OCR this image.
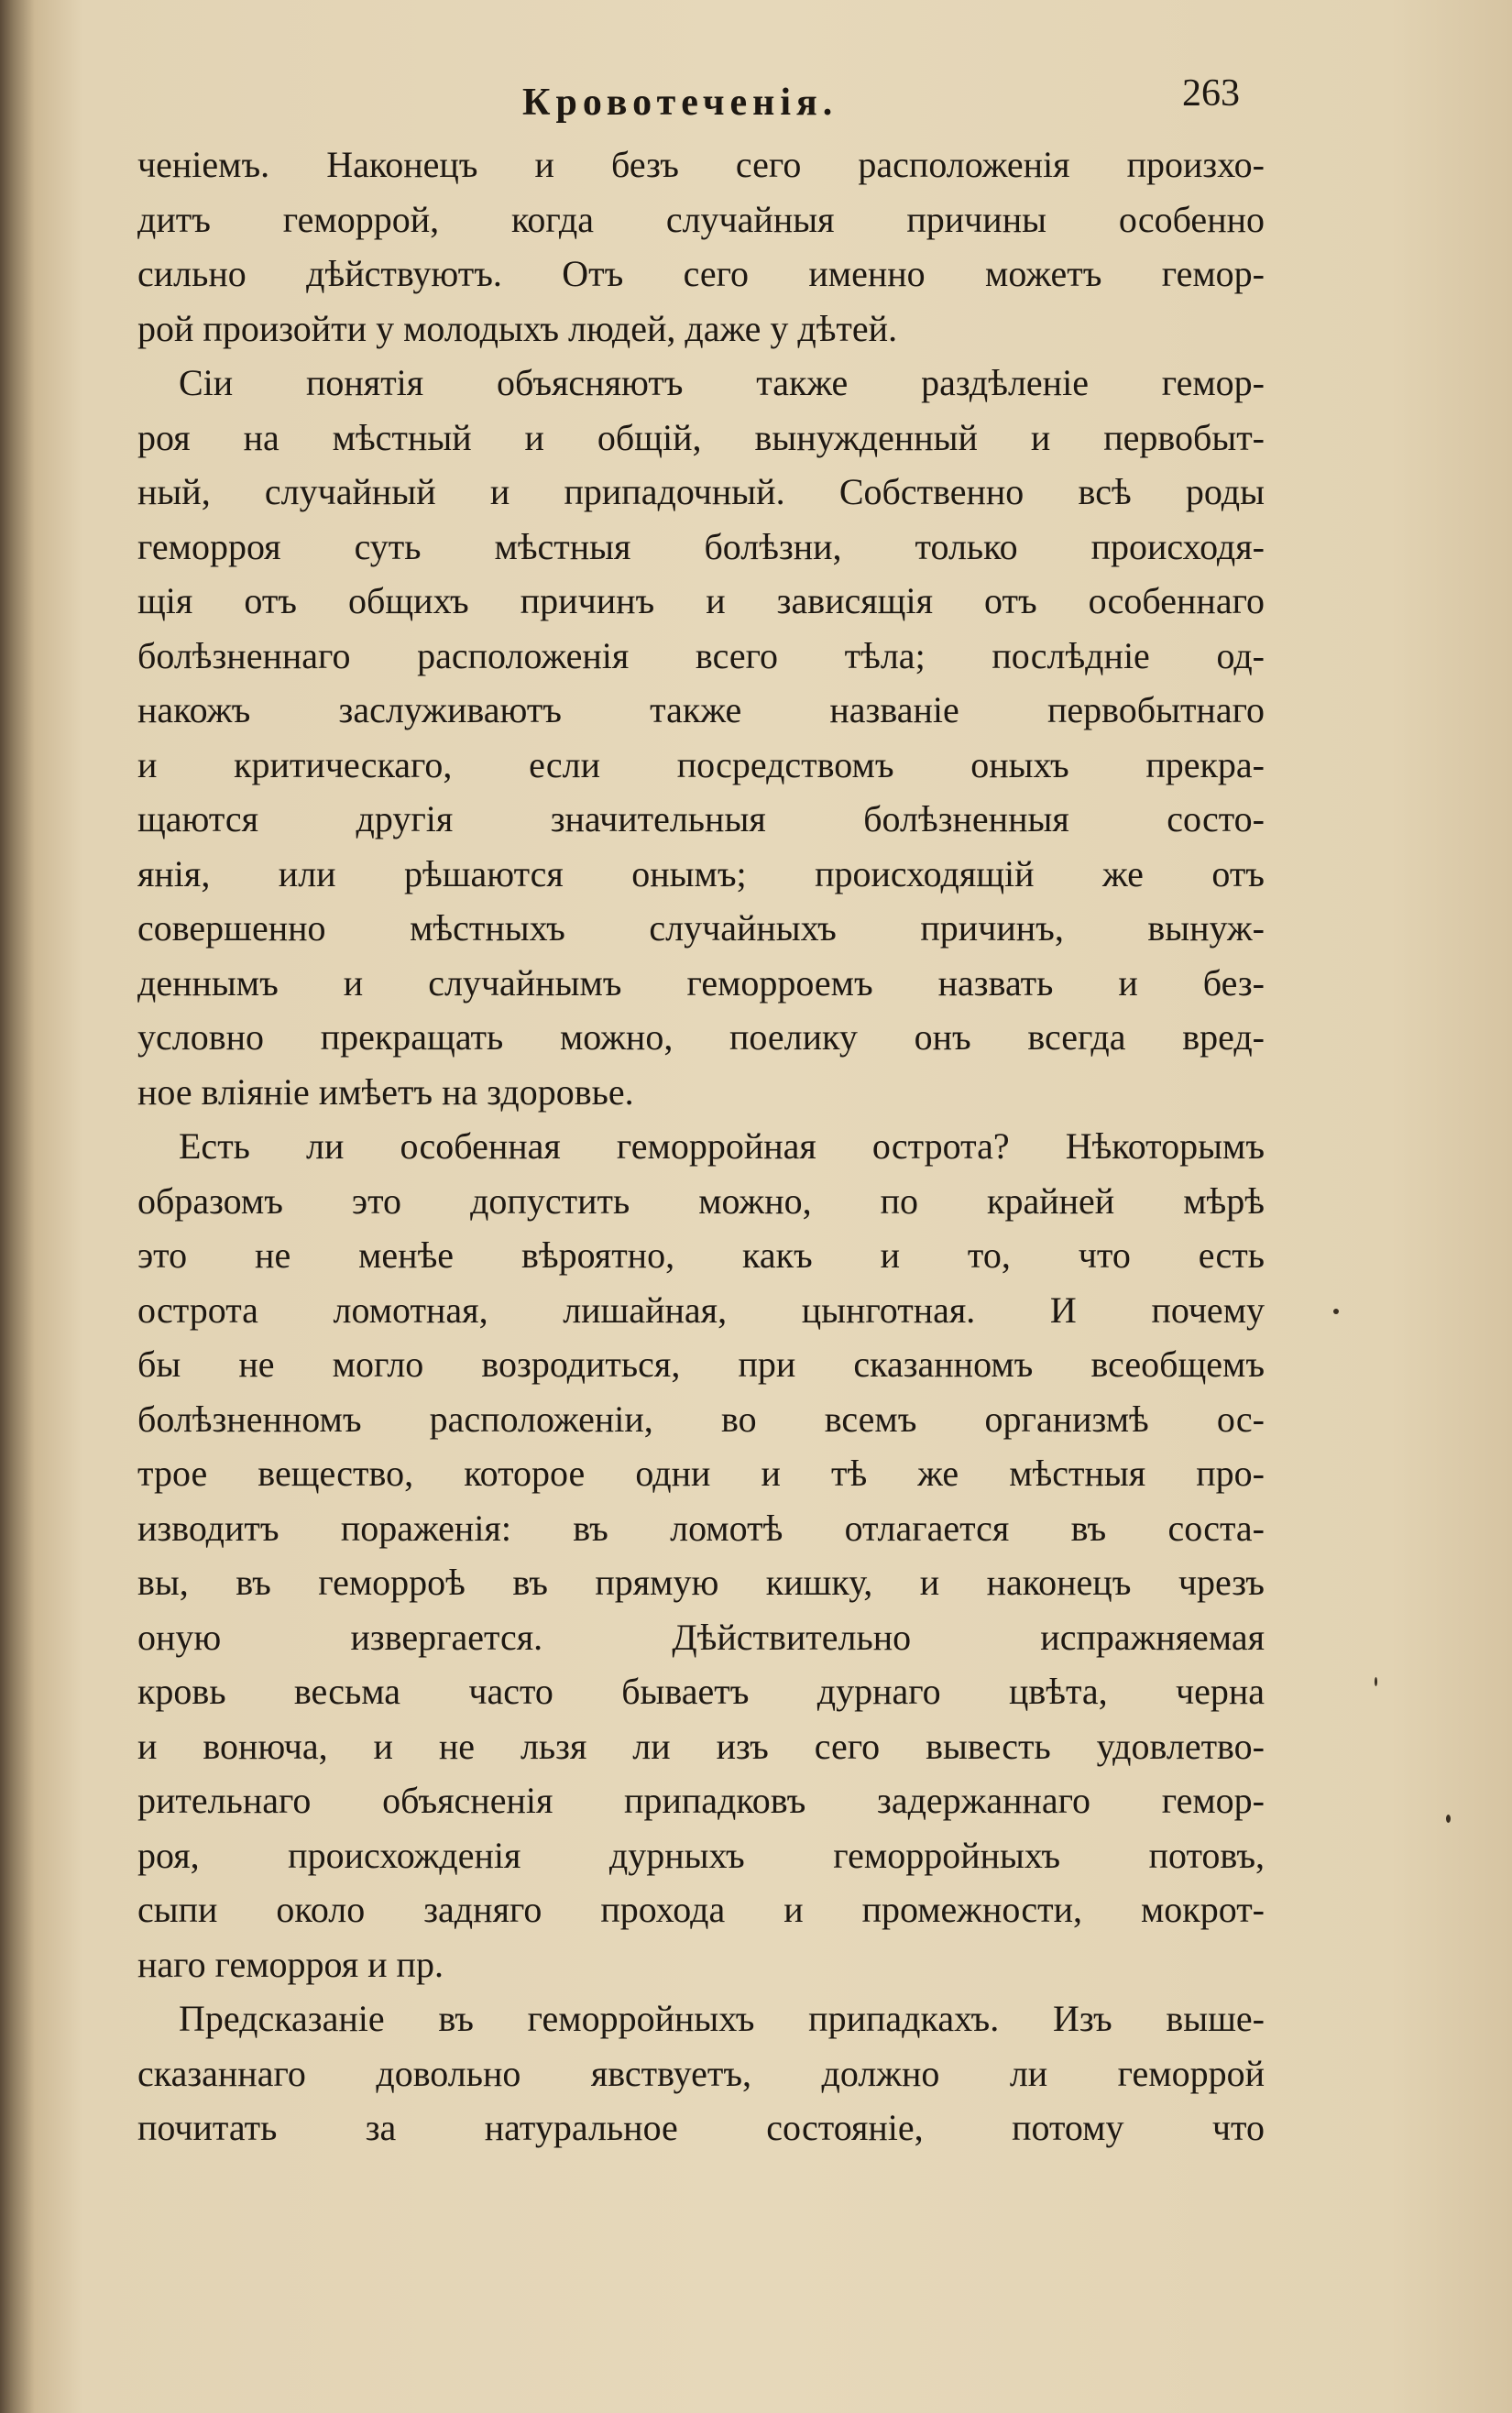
Кровотеченія.	263
ченіемъ. Наконецъ и безъ сего расположенія произхо-
дитъ геморрой, когда случайныя причины особенно
сильно дѣйствуютъ. Отъ сего именно можетъ гемор-
рой произойти у молодыхъ людей, даже у дѣтей.
Сіи понятія объясняютъ также раздѣленіе гемор-
роя на мѣстный и общій, вынужденный и первобыт-
ный, случайный и припадочный. Собственно всѣ роды
геморроя суть мѣстныя болѣзни, только происходя-
щія отъ общихъ причинъ и зависящія отъ особеннаго
болѣзненнаго расположенія всего тѣла; послѣдніе од-
накожъ заслуживаютъ также названіе первобытнаго
и критическаго, если посредствомъ оныхъ прекра-
щаются другія значительныя болѣзненныя состо-
янія, или рѣшаются онымъ; происходящій же отъ
совершенно мѣстныхъ случайныхъ причинъ, вынуж-
деннымъ и случайнымъ геморроемъ назвать и без-
условно прекращать можно, поелику онъ всегда вред-
ное вліяніе имѣетъ на здоровье.
Есть ли особенная геморройная острота? Нѣкоторымъ
образомъ это допустить можно, по крайней мѣрѣ
это не менѣе вѣроятно, какъ и то, что есть
острота ломотная, лишайная, цынготная. И почему
бы не могло возродиться, при сказанномъ всеобщемъ
болѣзненномъ расположеніи, во всемъ организмѣ ос-
трое вещество, которое одни и тѣ же мѣстныя про-
изводитъ пораженія: въ ломотѣ отлагается въ соста-
вы, въ геморроѣ въ прямую кишку, и наконецъ чрезъ
оную извергается. Дѣйствительно испражняемая
кровь весьма часто бываетъ дурнаго цвѣта, черна
и вонюча, и не льзя ли изъ сего вывесть удовлетво-
рительнаго объясненія припадковъ задержаннаго гемор-
роя, происхожденія дурныхъ геморройныхъ потовъ,
сыпи около задняго прохода и промежности, мокрот-
наго геморроя и пр.
Предсказаніе въ геморройныхъ припадкахъ. Изъ выше-
сказаннаго довольно явствуетъ, должно ли геморрой
почитать за натуральное состояніе, потому что
